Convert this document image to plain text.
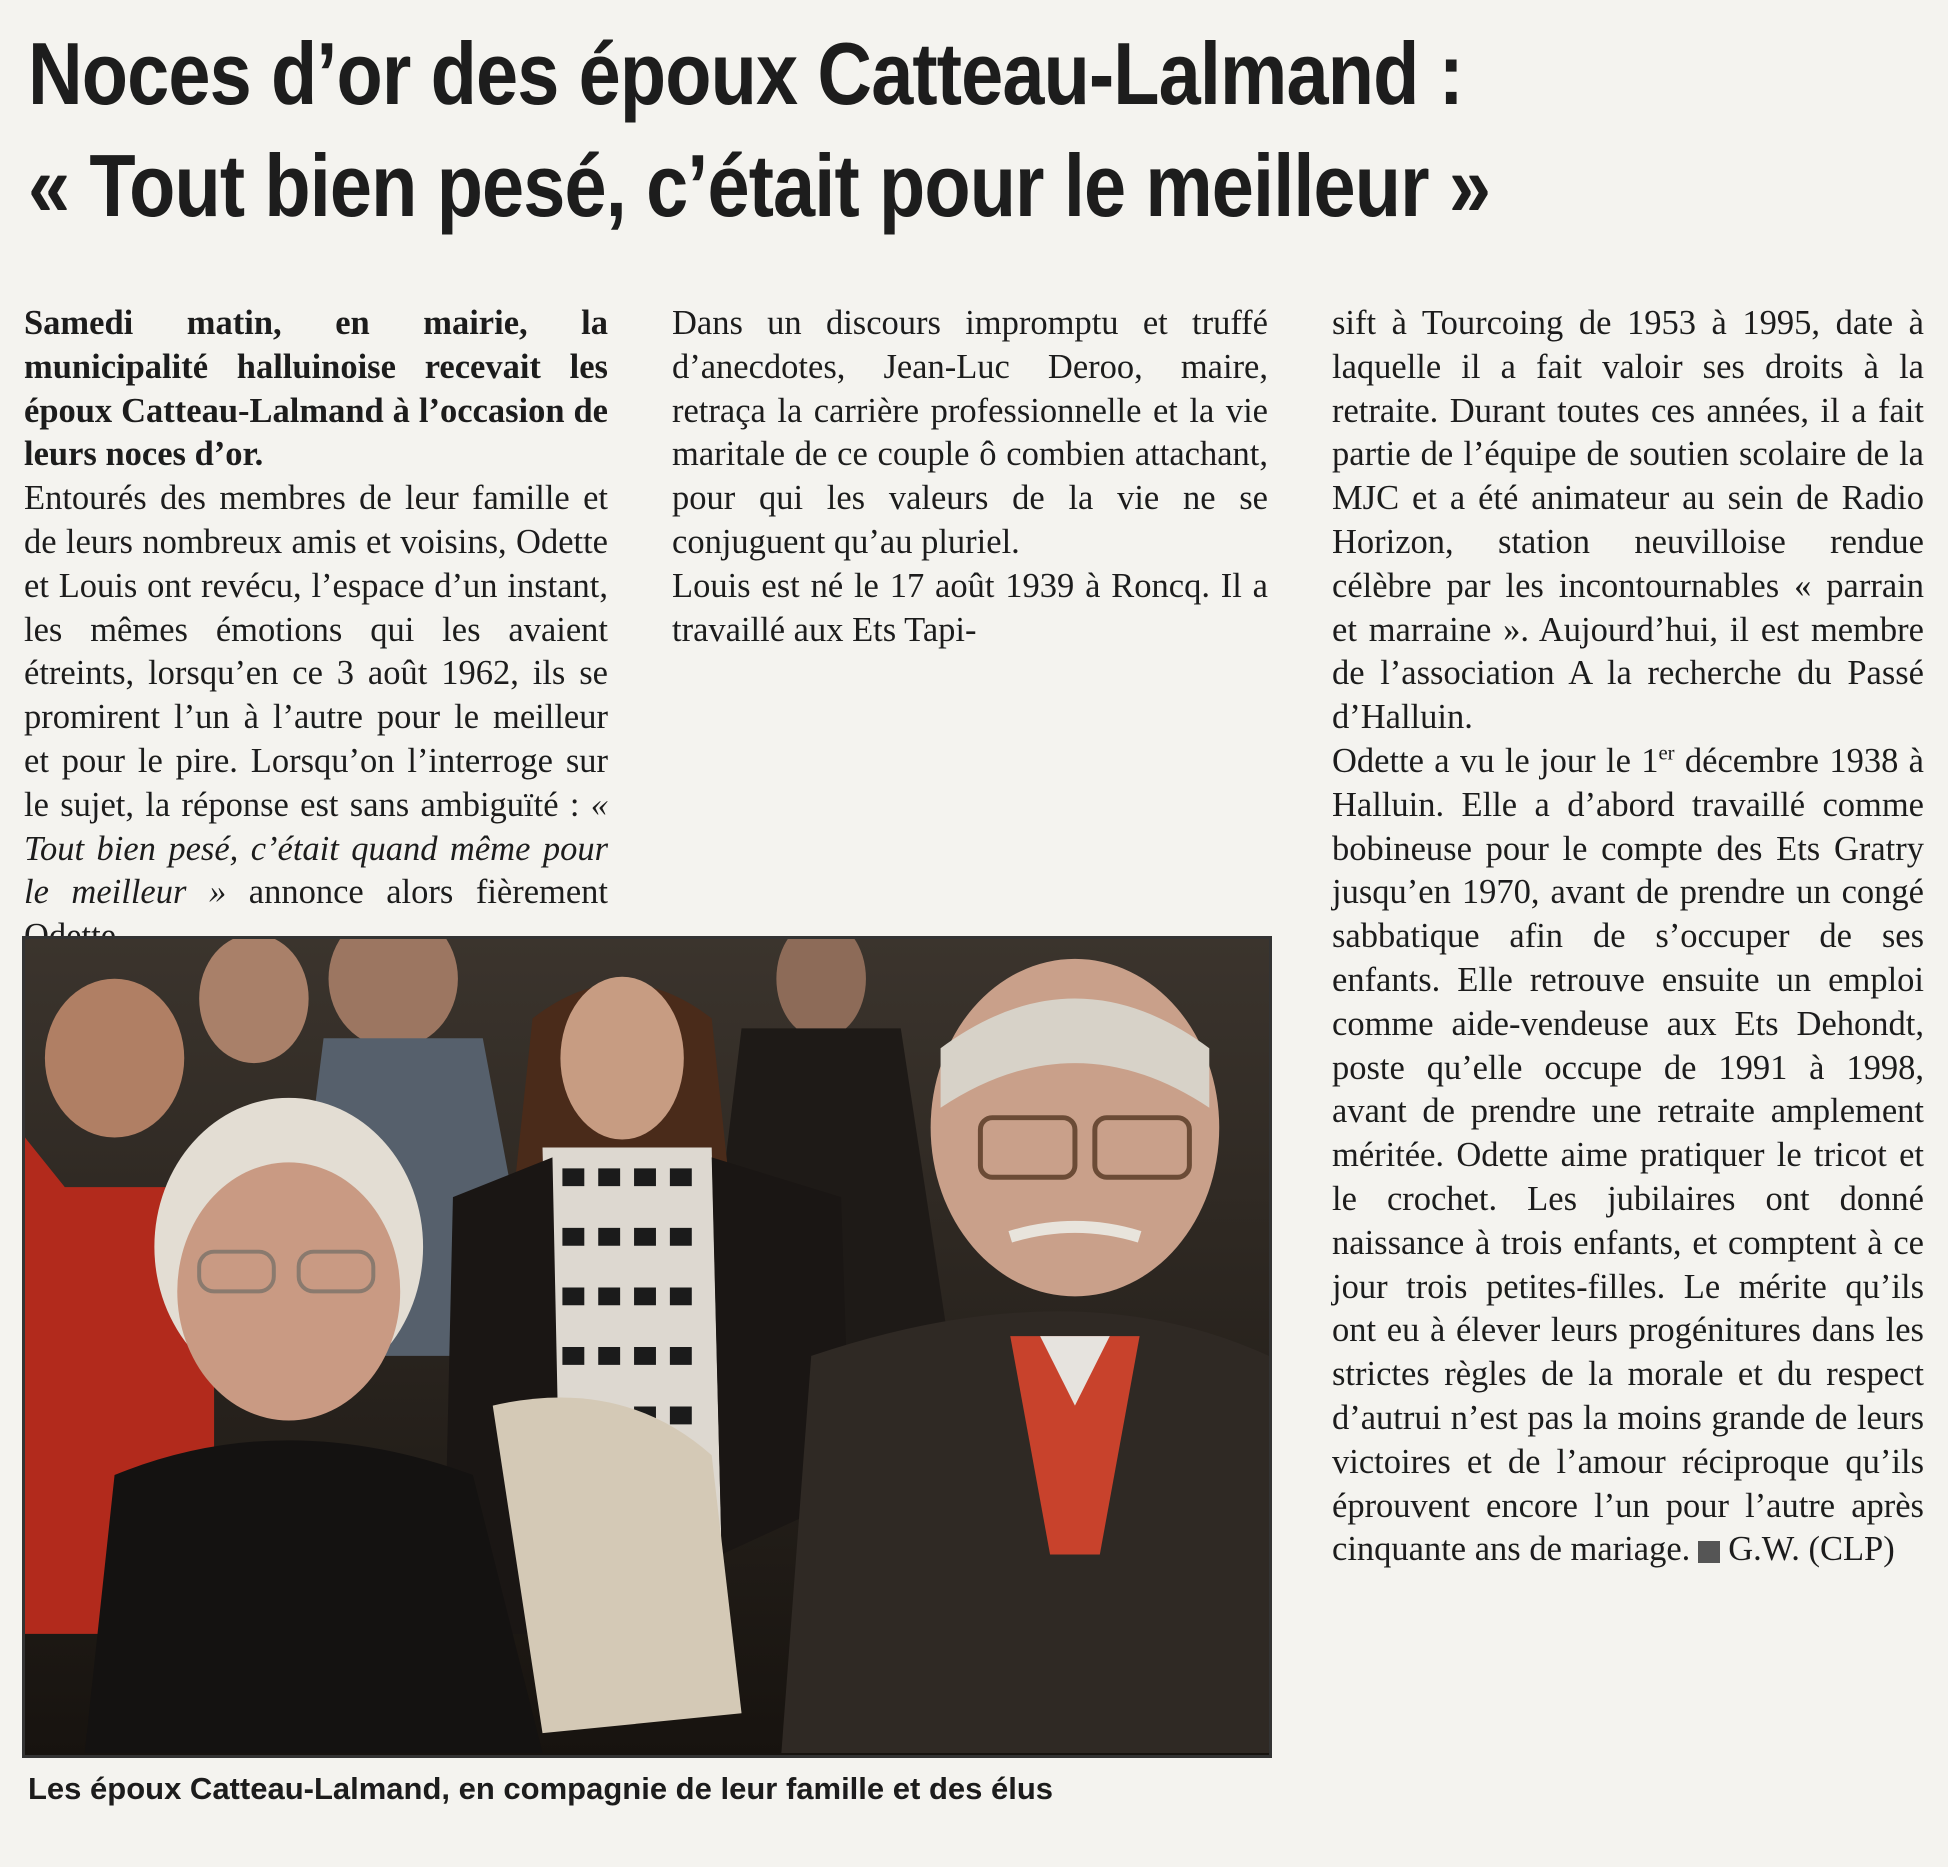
Noces d’or des époux Catteau-Lalmand :
« Tout bien pesé, c’était pour le meilleur »

Samedi matin, en mairie, la municipalité halluinoise recevait les époux Catteau-Lalmand à l’occasion de leurs noces d’or.

Entourés des membres de leur famille et de leurs nombreux amis et voisins, Odette et Louis ont revécu, l’espace d’un instant, les mêmes émotions qui les avaient étreints, lorsqu’en ce 3 août 1962, ils se promirent l’un à l’autre pour le meilleur et pour le pire. Lorsqu’on l’interroge sur le sujet, la réponse est sans ambiguïté : « Tout bien pesé, c’était quand même pour le meilleur » annonce alors fièrement

Dans un discours impromptu et truffé d’anecdotes, Jean-Luc Deroo, maire, retraça la carrière professionnelle et la vie maritale de ce couple ô combien attachant, pour qui les valeurs de la vie ne se conjuguent qu’au pluriel.

Louis est né le 17 août 1939 à Roncq. Il a travaillé aux Ets Tapi-

sift à Tourcoing de 1953 à 1995, date à laquelle il a fait valoir ses droits à la retraite. Durant toutes ces années, il a fait partie de l’équipe de soutien scolaire de la MJC et a été animateur au sein de Radio Horizon, station neuvilloise rendue célèbre par les incontournables « parrain et marraine ». Aujourd’hui, il est membre de l’association A la recherche du Passé d’Halluin.

Odette a vu le jour le 1er décembre 1938 à Halluin. Elle a d’abord travaillé comme bobineuse pour le compte des Ets Gratry jusqu’en 1970, avant de prendre un congé sabbatique afin de s’occuper de ses enfants. Elle retrouve ensuite un emploi comme aide-vendeuse aux Ets Dehondt, poste qu’elle occupe de 1991 à 1998, avant de prendre une retraite amplement méritée. Odette aime pratiquer le tricot et le crochet. Les jubilaires ont donné naissance à trois enfants, et comptent à ce jour trois petites-filles. Le mérite qu’ils ont eu à élever leurs progénitures dans les strictes règles de la morale et du respect d’autrui n’est pas la moins grande de leurs victoires et de l’amour réciproque qu’ils éprouvent encore l’un pour l’autre après cinquante ans de mariage. G.W. (CLP)

Les époux Catteau-Lalmand, en compagnie de leur famille et des élus
